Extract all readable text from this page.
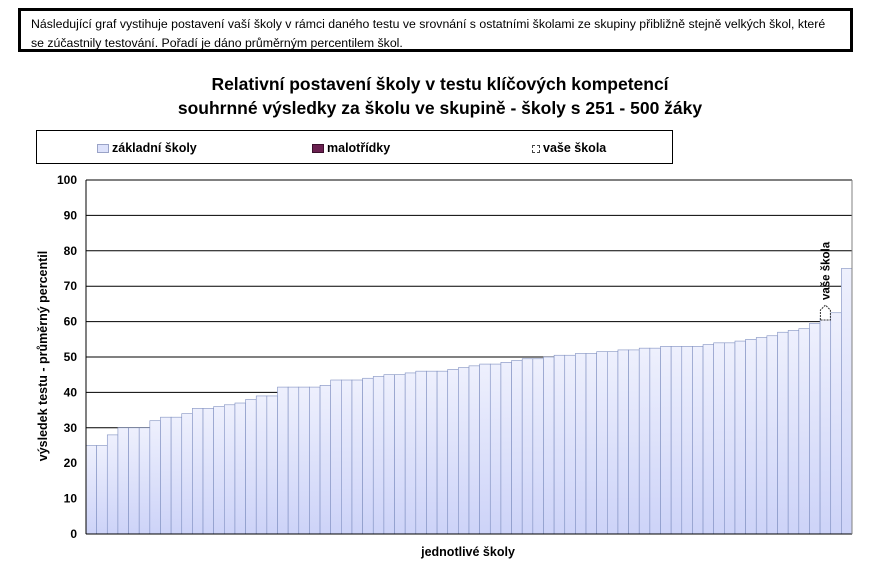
Následující graf vystihuje postavení vaší školy v rámci daného testu ve srovnání s ostatními školami ze skupiny přibližně stejně velkých škol, které se zúčastnily testování. Pořadí je dáno průměrným percentilem škol.
Relativní postavení školy v testu klíčových kompetencí
souhrnné výsledky za školu ve skupině - školy s 251 - 500 žáky
základní školy	malotřídky	vaše škola
0
10
20
30
40
50
60
70
80
90
100
vaše škola
jednotlivé školy
výsledek testu - průměrný percentil
